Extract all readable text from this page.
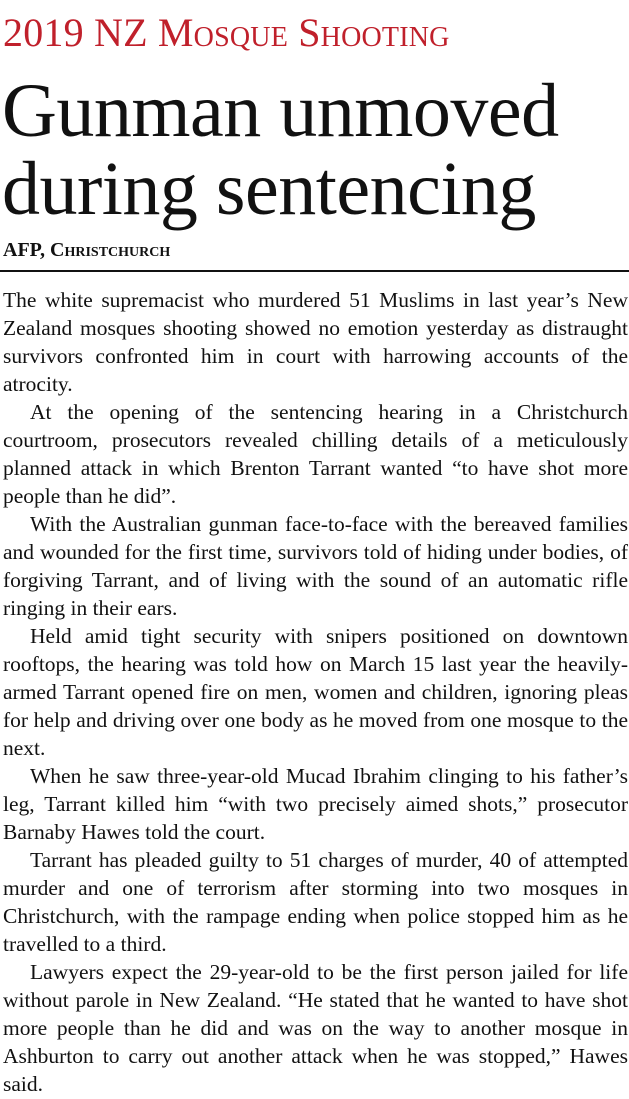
2019 NZ Mosque Shooting
Gunman unmoved
during sentencing
AFP, Christchurch

The white supremacist who murdered 51 Muslims in last year’s New Zealand mosques shooting showed no emotion yesterday as distraught survivors confronted him in court with harrowing accounts of the atrocity.

At the opening of the sentencing hearing in a Christchurch courtroom, prosecutors revealed chilling details of a meticulously planned attack in which Brenton Tarrant wanted “to have shot more people than he did”.

With the Australian gunman face-to-face with the bereaved families and wounded for the first time, survivors told of hiding under bodies, of forgiving Tarrant, and of living with the sound of an automatic rifle ringing in their ears.

Held amid tight security with snipers positioned on downtown rooftops, the hearing was told how on March 15 last year the heavily-armed Tarrant opened fire on men, women and children, ignoring pleas for help and driving over one body as he moved from one mosque to the next.

When he saw three-year-old Mucad Ibrahim clinging to his father’s leg, Tarrant killed him “with two precisely aimed shots,” prosecutor Barnaby Hawes told the court.

Tarrant has pleaded guilty to 51 charges of murder, 40 of attempted murder and one of terrorism after storming into two mosques in Christchurch, with the rampage ending when police stopped him as he travelled to a third.

Lawyers expect the 29-year-old to be the first person jailed for life without parole in New Zealand. “He stated that he wanted to have shot more people than he did and was on the way to another mosque in Ashburton to carry out another attack when he was stopped,” Hawes said.
